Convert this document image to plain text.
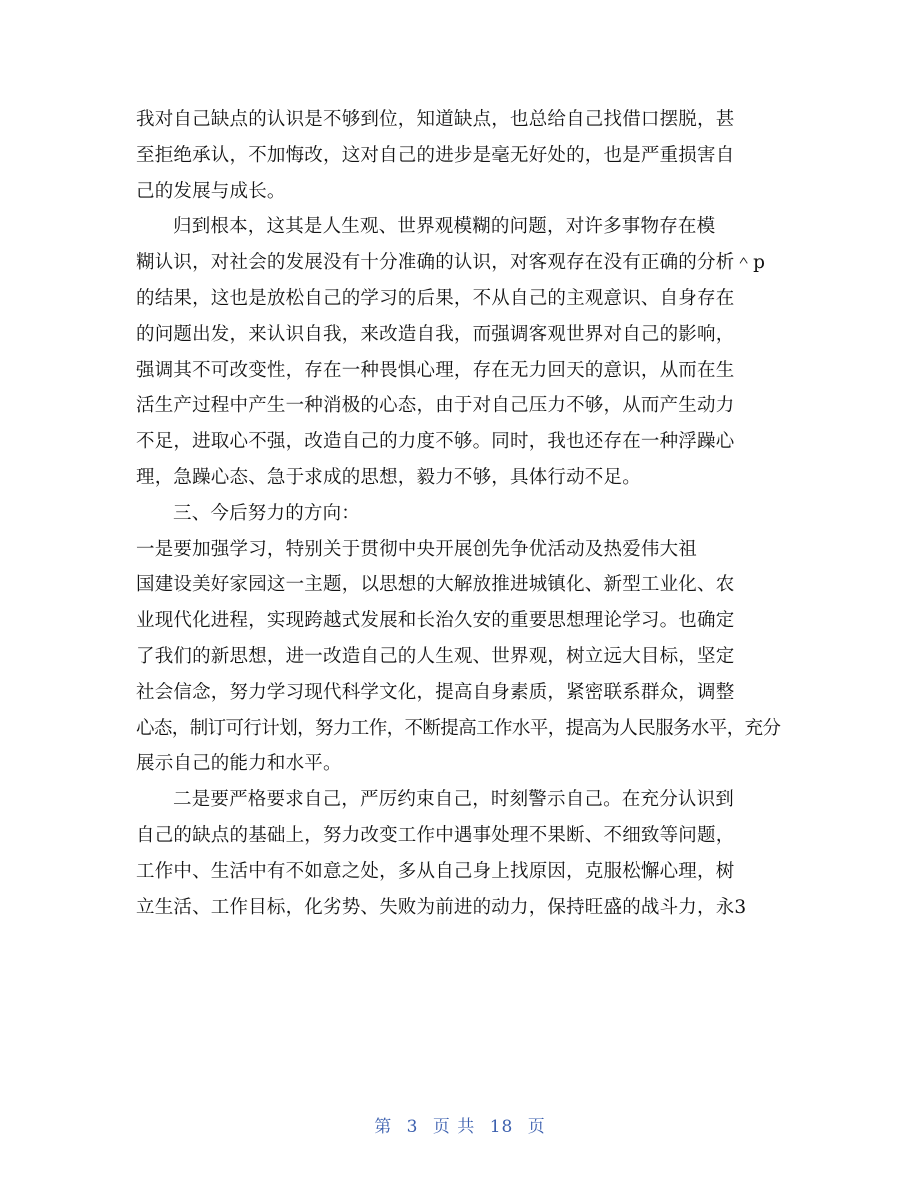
我对自己缺点的认识是不够到位，知道缺点，也总给自己找借口摆脱，甚
至拒绝承认，不加悔改，这对自己的进步是毫无好处的，也是严重损害自
己的发展与成长。
归到根本，这其是人生观、世界观模糊的问题，对许多事物存在模
糊认识，对社会的发展没有十分准确的认识，对客观存在没有正确的分析＾p
的结果，这也是放松自己的学习的后果，不从自己的主观意识、自身存在
的问题出发，来认识自我，来改造自我，而强调客观世界对自己的影响，
强调其不可改变性，存在一种畏惧心理，存在无力回天的意识，从而在生
活生产过程中产生一种消极的心态，由于对自己压力不够，从而产生动力
不足，进取心不强，改造自己的力度不够。同时，我也还存在一种浮躁心
理，急躁心态、急于求成的思想，毅力不够，具体行动不足。
三、今后努力的方向：
一是要加强学习，特别关于贯彻中央开展创先争优活动及热爱伟大祖
国建设美好家园这一主题，以思想的大解放推进城镇化、新型工业化、农
业现代化进程，实现跨越式发展和长治久安的重要思想理论学习。也确定
了我们的新思想，进一改造自己的人生观、世界观，树立远大目标，坚定
社会信念，努力学习现代科学文化，提高自身素质，紧密联系群众，调整
心态，制订可行计划，努力工作，不断提高工作水平，提高为人民服务水平，充分
展示自己的能力和水平。
二是要严格要求自己，严厉约束自己，时刻警示自己。在充分认识到
自己的缺点的基础上，努力改变工作中遇事处理不果断、不细致等问题，
工作中、生活中有不如意之处，多从自己身上找原因，克服松懈心理，树
立生活、工作目标，化劣势、失败为前进的动力，保持旺盛的战斗力，永3
第 3 页 共 18 页
